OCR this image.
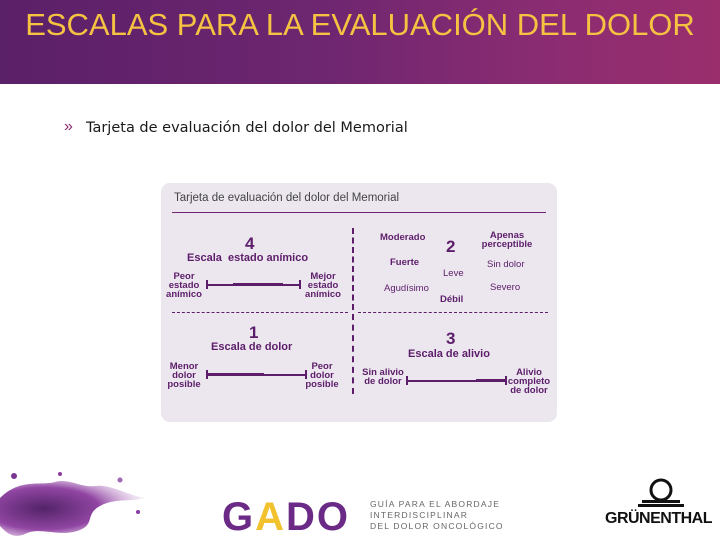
ESCALAS PARA LA EVALUACIÓN DEL DOLOR
» Tarjeta de evaluación del dolor del Memorial
Tarjeta de evaluación del dolor del Memorial
4
Escala  estado anímico
Peor
estado
anímico
Mejor
estado
anímico
Moderado 2
Apenas
perceptible
Fuerte	Sin dolor
Leve
Agudísimo	Severo
Débil
1
Escala de dolor
Menor
dolor
posible
Peor
dolor
posible
3
Escala de alivio
Sin alivio
de dolor
Alivio
completo
de dolor
GADO GUÍA PARA EL ABORDAJE
INTERDISCIPLINAR
DEL DOLOR ONCOLÓGICO	GRÜNENTHAL
